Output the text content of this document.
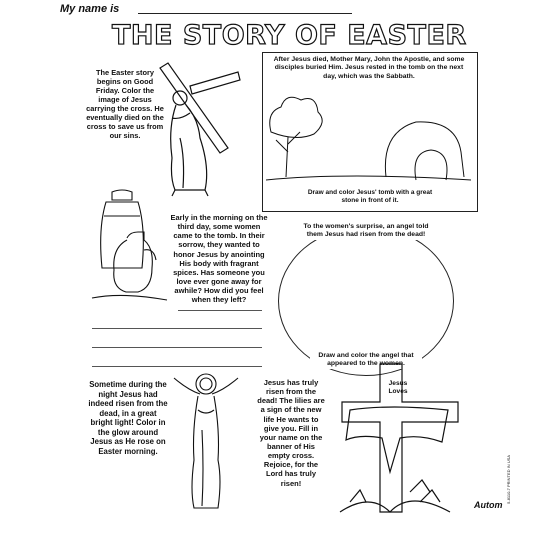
My name is
THE STORY OF EASTER
The Easter story begins on Good Friday. Color the image of Jesus carrying the cross. He eventually died on the cross to save us from our sins.
After Jesus died, Mother Mary, John the Apostle, and some disciples buried Him. Jesus rested in the tomb on the next day, which was the Sabbath.
Draw and color Jesus' tomb with a great stone in front of it.
Early in the morning on the third day, some women came to the tomb. In their sorrow, they wanted to honor Jesus by anointing His body with fragrant spices. Has someone you love ever gone away for awhile? How did you feel when they left?
To the women's surprise, an angel told them Jesus had risen from the dead!
Draw and color the angel that appeared to the women.
Sometime during the night Jesus had indeed risen from the dead, in a great bright light! Color in the glow around Jesus as He rose on Easter morning.
Jesus has truly risen from the dead! The lilies are a sign of the new life He wants to give you. Fill in your name on the banner of His empty cross. Rejoice, for the Lord has truly risen!
Jesus Loves
Autom
5-8110-7 PRINTED IN USA
